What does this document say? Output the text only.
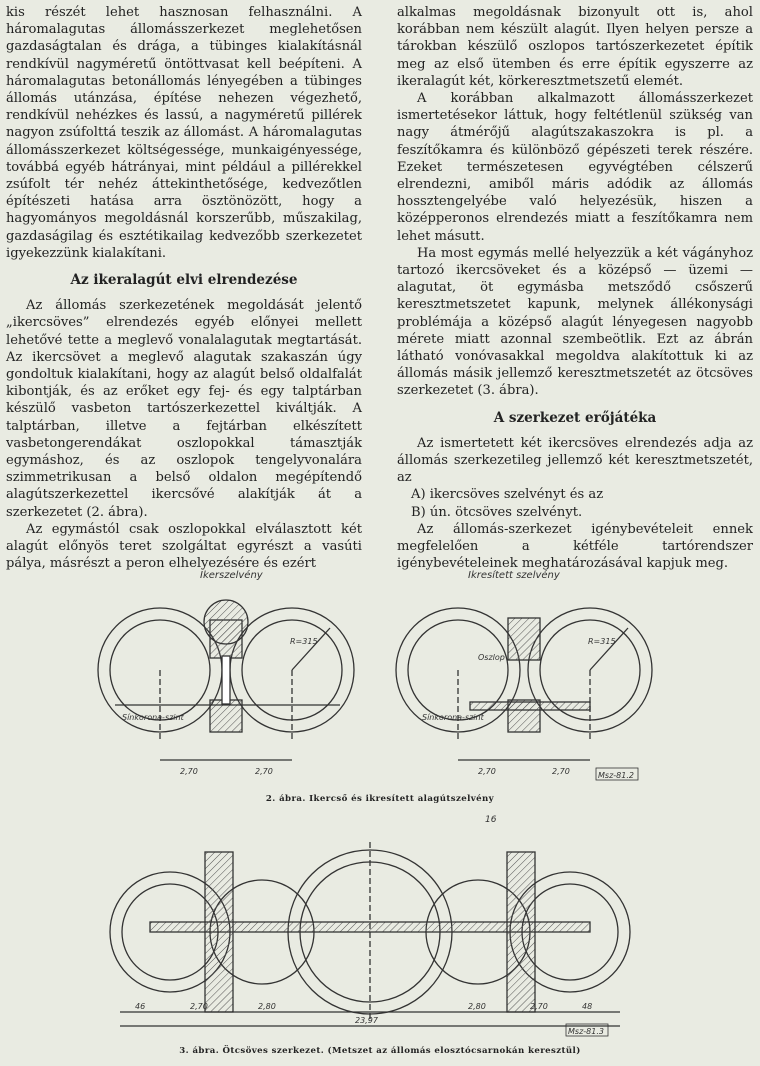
kis részét lehet hasznosan felhasználni. A háromalagutas állomásszerkezet meglehetősen gazdaságtalan és drága, a tübinges kialakításnál rendkívül nagyméretű öntöttvasat kell beépíteni. A háromalagutas betonállomás lényegében a tübinges állomás utánzása, építése nehezen végezhető, rendkívül nehézkes és lassú, a nagyméretű pillérek nagyon zsúfolttá teszik az állomást. A háromalagutas állomásszerkezet költségessége, munkaigényessége, továbbá egyéb hátrányai, mint például a pillérekkel zsúfolt tér nehéz áttekinthetősége, kedvezőtlen építészeti hatása arra ösztönözött, hogy a hagyományos megoldásnál korszerűbb, műszakilag, gazdaságilag és esztétikailag kedvezőbb szerkezetet igyekezzünk kialakítani.

Az ikeralagút elvi elrendezése

Az állomás szerkezetének megoldását jelentő „ikercsöves” elrendezés egyéb előnyei mellett lehetővé tette a meglevő vonalalagutak megtartását. Az ikercsövet a meglevő alagutak szakaszán úgy gondoltuk kialakítani, hogy az alagút belső oldalfalát kibontják, és az erőket egy fej- és egy talptárban készülő vasbeton tartószerkezettel kiváltják. A talptárban, illetve a fejtárban elkészített vasbetongerendákat oszlopokkal támasztják egymáshoz, és az oszlopok tengelyvonalára szimmetrikusan a belső oldalon megépítendő alagútszerkezettel ikercsővé alakítják át a szerkezetet (2. ábra).

Az egymástól csak oszlopokkal elválasztott két alagút előnyös teret szolgáltat egyrészt a vasúti pálya, másrészt a peron elhelyezésére és ezért

alkalmas megoldásnak bizonyult ott is, ahol korábban nem készült alagút. Ilyen helyen persze a tárokban készülő oszlopos tartószerkezetet építik meg az első ütemben és erre építik egyszerre az ikeralagút két, körkeresztmetszetű elemét.

A korábban alkalmazott állomásszerkezet ismertetésekor láttuk, hogy feltétlenül szükség van nagy átmérőjű alagútszakaszokra is pl. a feszítőkamra és különböző gépészeti terek részére. Ezeket természetesen egyvégtében célszerű elrendezni, amiből máris adódik az állomás hossztengelyébe való helyezésük, hiszen a középperonos elrendezés miatt a feszítőkamra nem lehet másutt.

Ha most egymás mellé helyezzük a két vágányhoz tartozó ikercsöveket és a középső — üzemi — alagutat, öt egymásba metsződő csőszerű keresztmetszetet kapunk, melynek állékonysági problémája a középső alagút lényegesen nagyobb mérete miatt azonnal szembeötlik. Ezt az ábrán látható vonóvasakkal megoldva alakítottuk ki az állomás másik jellemző keresztmetszetét az ötcsöves szerkezetet (3. ábra).

A szerkezet erőjátéka

Az ismertetett két ikercsöves elrendezés adja az állomás szerkezetileg jellemző két keresztmetszetét, az

A) ikercsöves szelvényt és az

B) ún. ötcsöves szelvényt.

Az állomás-szerkezet igénybevételeit ennek megfelelően a kétféle tartórendszer igénybevételeinek meghatározásával kapjuk meg.

Ikerszelvény	Ikresített szelvény
R=315	R=315
2,70	2,70	2,70	2,70
Sínkorona-szint	Sínkorona-szint
Oszlop
Msz-81.2
2. ábra. Ikercső és ikresített alagútszelvény
16
46	2,70	2,80	2,80	2,70	48
23,97
Msz-81.3
3. ábra. Ötcsöves szerkezet. (Metszet az állomás elosztócsarnokán keresztül)
